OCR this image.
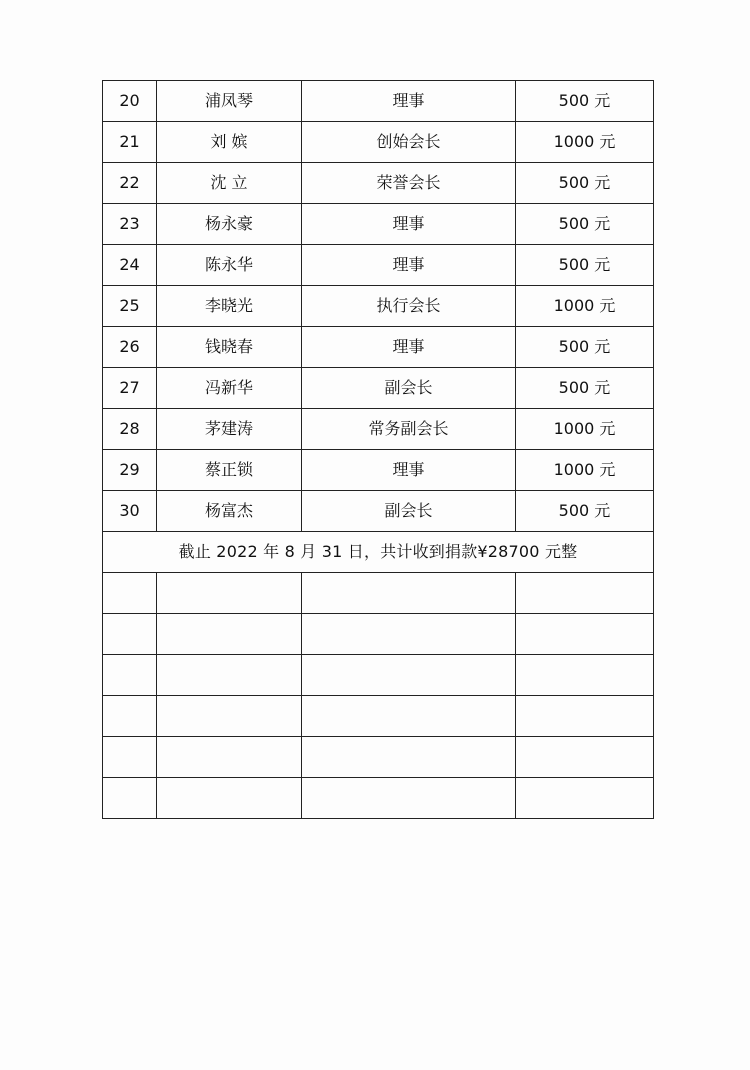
20	浦凤琴	理事	500 元
21	刘 嫔	创始会长	1000 元
22	沈 立	荣誉会长	500 元
23	杨永豪	理事	500 元
24	陈永华	理事	500 元
25	李晓光	执行会长	1000 元
26	钱晓春	理事	500 元
27	冯新华	副会长	500 元
28	茅建涛	常务副会长	1000 元
29	蔡正锁	理事	1000 元
30	杨富杰	副会长	500 元
截止 2022 年 8 月 31 日，共计收到捐款¥28700 元整			
